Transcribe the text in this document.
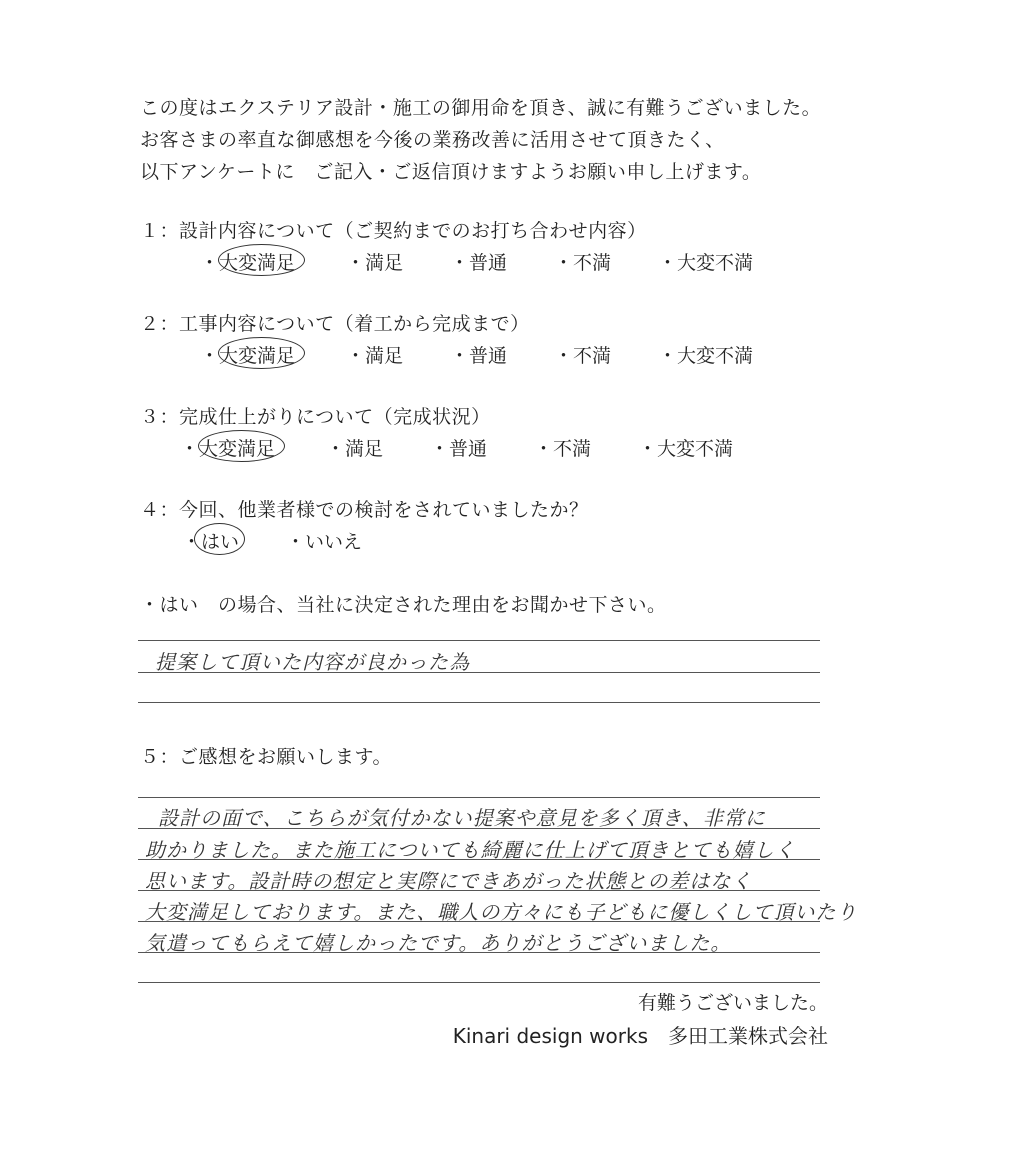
この度はエクステリア設計・施工の御用命を頂き、誠に有難うございました。
お客さまの率直な御感想を今後の業務改善に活用させて頂きたく、
以下アンケートに　ご記入・ご返信頂けますようお願い申し上げます。
１：設計内容について（ご契約までのお打ち合わせ内容）
・大変満足	・満足 ・普通 ・不満 ・大変不満
２：工事内容について（着工から完成まで）
・大変満足	・満足 ・普通 ・不満 ・大変不満
３：完成仕上がりについて（完成状況）
・大変満足	・満足 ・普通 ・不満 ・大変不満
４：今回、他業者様での検討をされていましたか？
・はい ・いいえ
・はい　の場合、当社に決定された理由をお聞かせ下さい。
提案して頂いた内容が良かった為
５：ご感想をお願いします。
設計の面で、こちらが気付かない提案や意見を多く頂き、非常に
助かりました。また施工についても綺麗に仕上げて頂きとても嬉しく
思います。設計時の想定と実際にできあがった状態との差はなく
大変満足しております。また、職人の方々にも子どもに優しくして頂いたり
気遣ってもらえて嬉しかったです。ありがとうございました。
有難うございました。
Kinari design works　多田工業株式会社
